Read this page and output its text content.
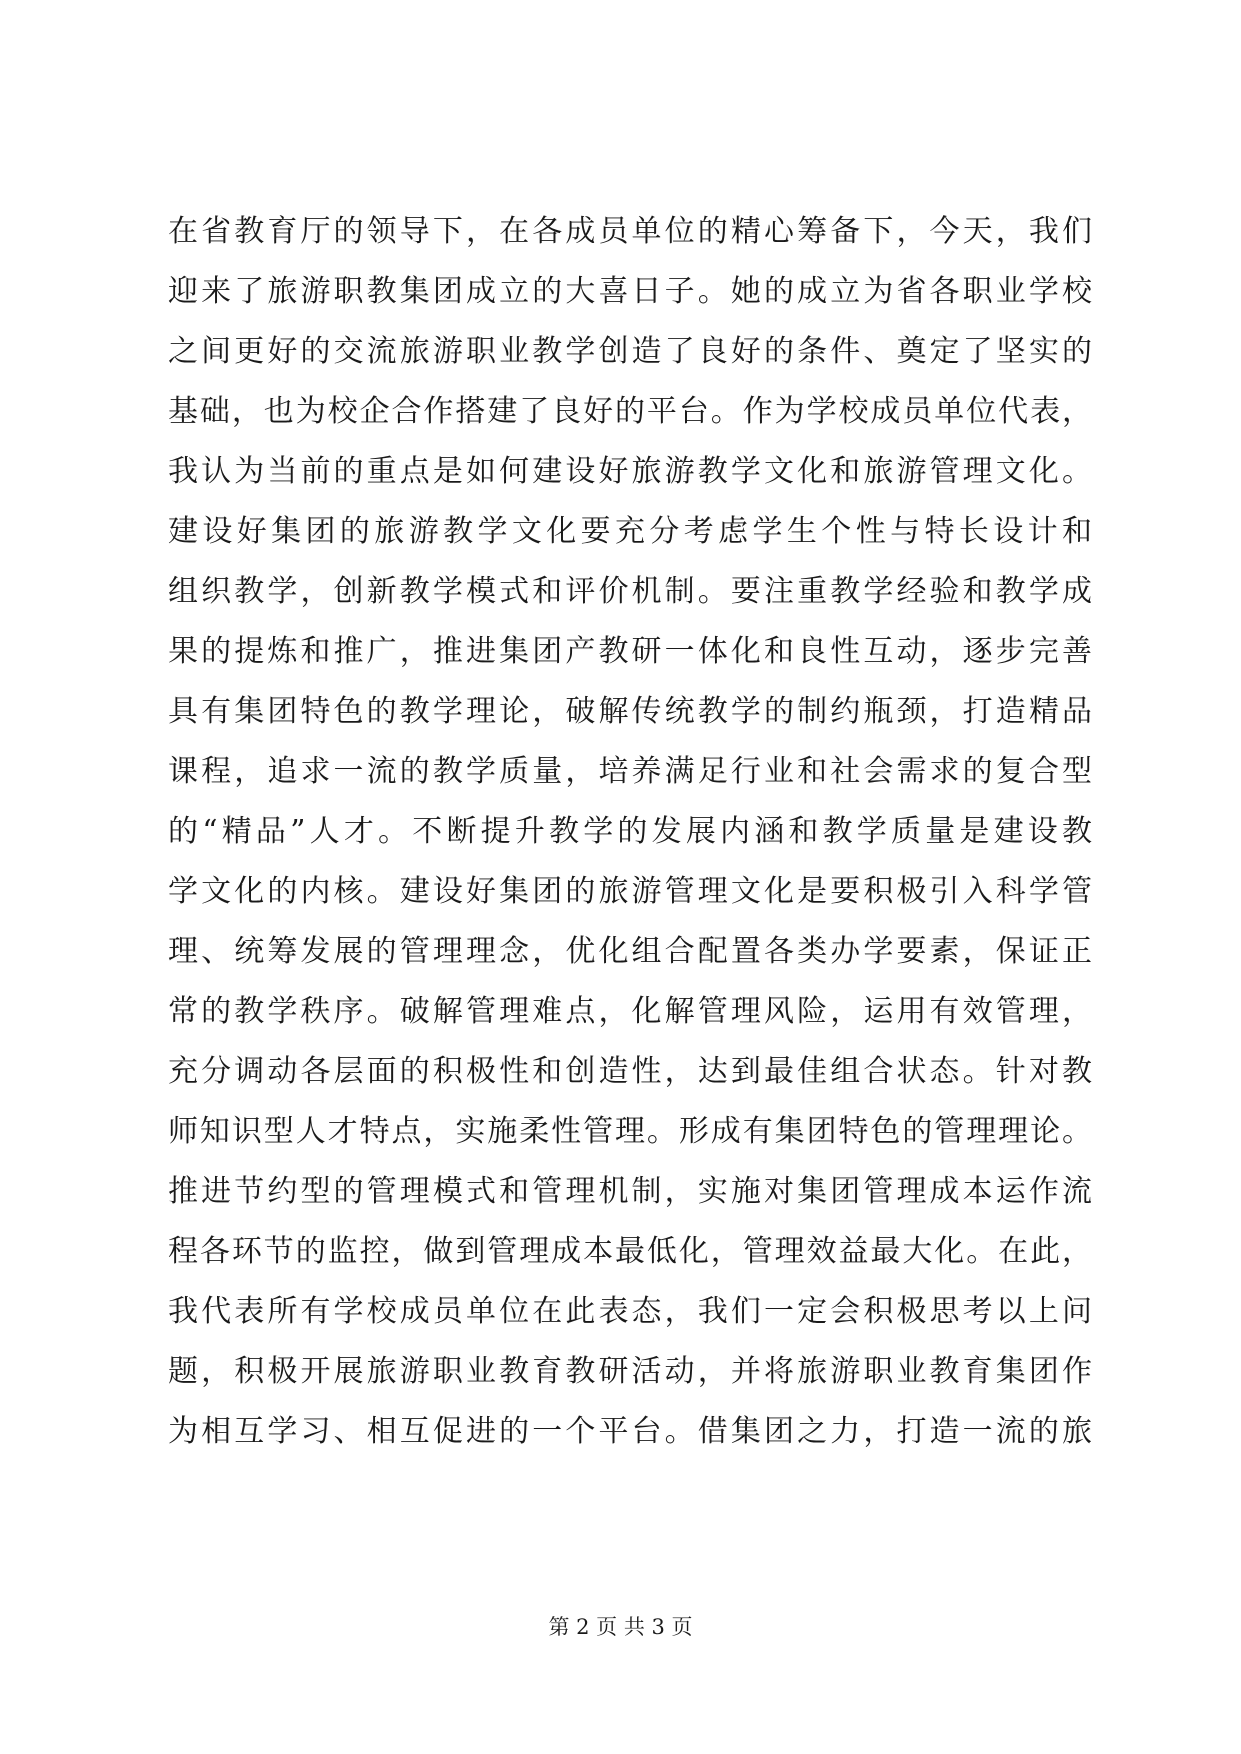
在省教育厅的领导下，在各成员单位的精心筹备下，今天，我们
迎来了旅游职教集团成立的大喜日子。她的成立为省各职业学校
之间更好的交流旅游职业教学创造了良好的条件、奠定了坚实的
基础，也为校企合作搭建了良好的平台。作为学校成员单位代表，
我认为当前的重点是如何建设好旅游教学文化和旅游管理文化。
建设好集团的旅游教学文化要充分考虑学生个性与特长设计和
组织教学，创新教学模式和评价机制。要注重教学经验和教学成
果的提炼和推广，推进集团产教研一体化和良性互动，逐步完善
具有集团特色的教学理论，破解传统教学的制约瓶颈，打造精品
课程，追求一流的教学质量，培养满足行业和社会需求的复合型
的“精品”人才。不断提升教学的发展内涵和教学质量是建设教
学文化的内核。建设好集团的旅游管理文化是要积极引入科学管
理、统筹发展的管理理念，优化组合配置各类办学要素，保证正
常的教学秩序。破解管理难点，化解管理风险，运用有效管理，
充分调动各层面的积极性和创造性，达到最佳组合状态。针对教
师知识型人才特点，实施柔性管理。形成有集团特色的管理理论。
推进节约型的管理模式和管理机制，实施对集团管理成本运作流
程各环节的监控，做到管理成本最低化，管理效益最大化。在此，
我代表所有学校成员单位在此表态，我们一定会积极思考以上问
题，积极开展旅游职业教育教研活动，并将旅游职业教育集团作
为相互学习、相互促进的一个平台。借集团之力，打造一流的旅
第 2 页 共 3 页
